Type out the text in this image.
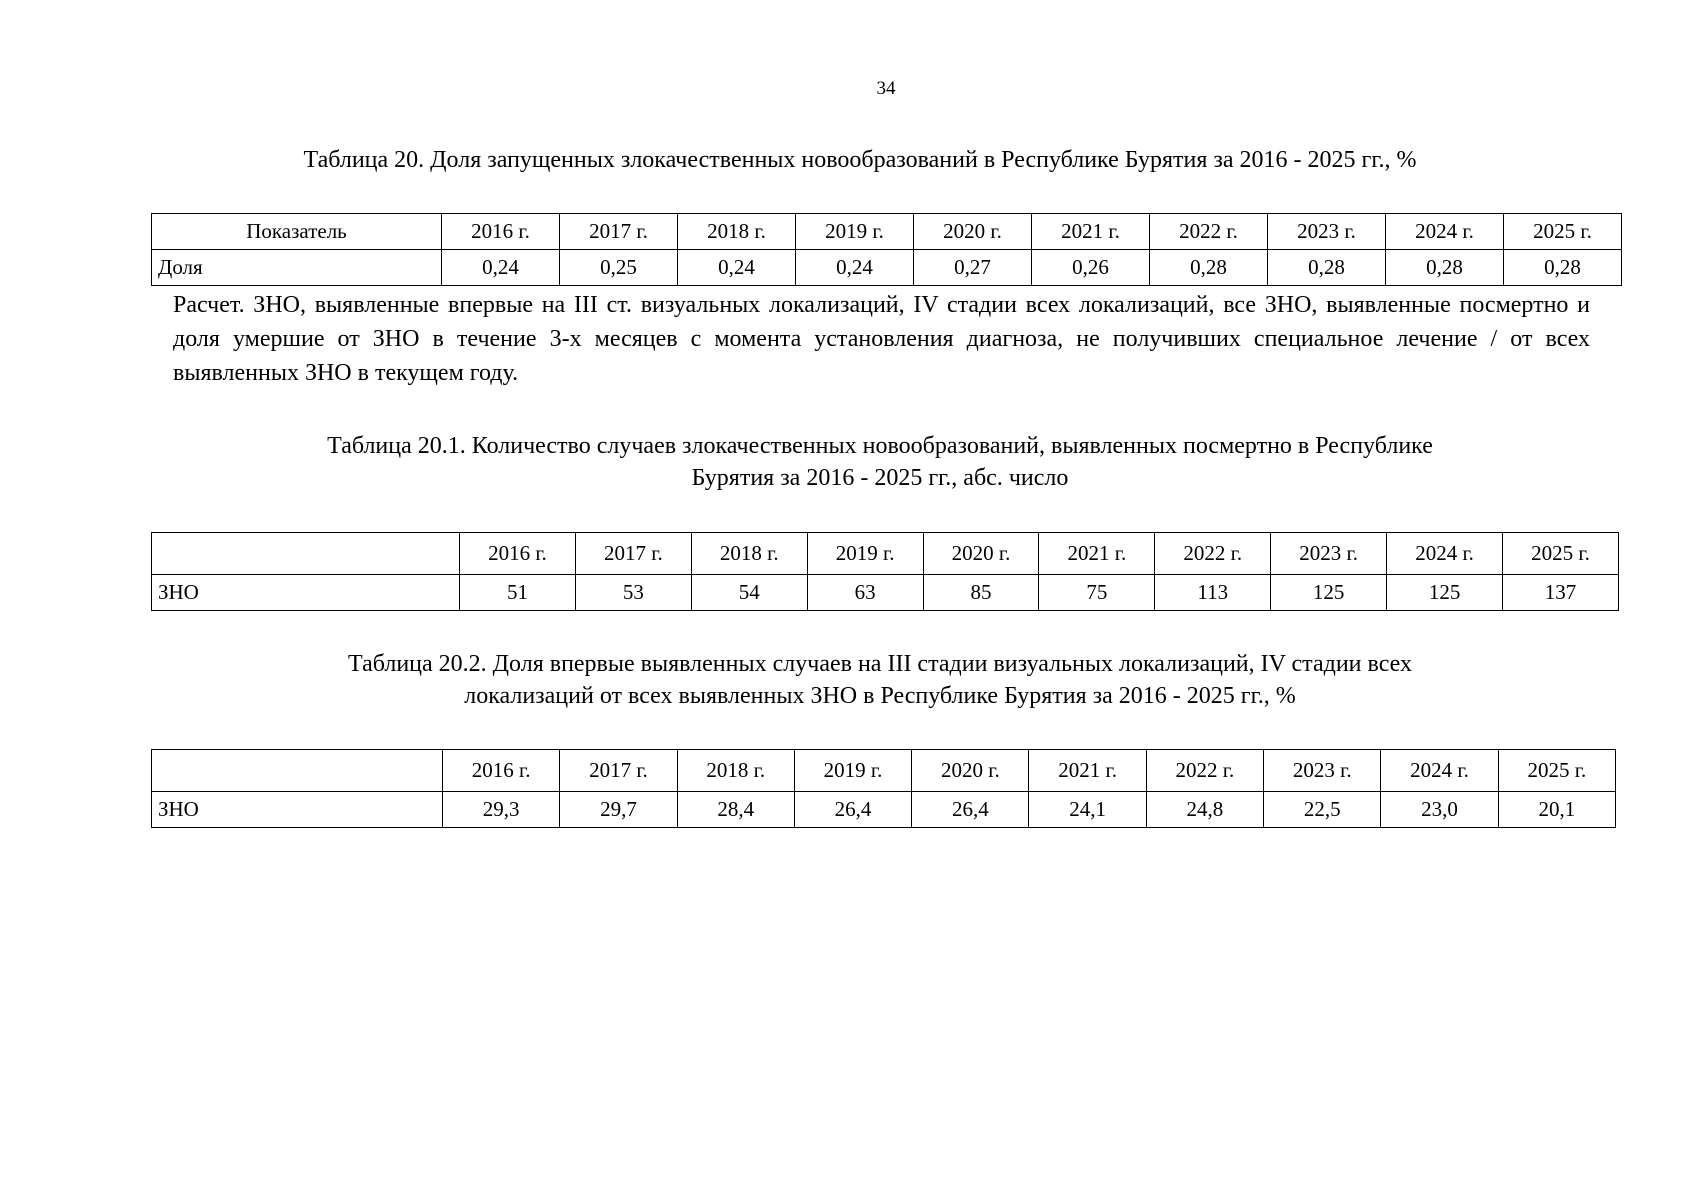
34
Таблица 20. Доля запущенных злокачественных новообразований в Республике Бурятия за 2016 - 2025 гг., %
Показатель	2016 г.	2017 г.	2018 г.	2019 г.	2020 г.	2021 г.	2022 г.	2023 г.	2024 г.	2025 г.
Доля	0,24	0,25	0,24	0,24	0,27	0,26	0,28	0,28	0,28	0,28
Расчет. ЗНО, выявленные впервые на III ст. визуальных локализаций, IV стадии всех локализаций, все ЗНО, выявленные посмертно и доля умершие от ЗНО в течение 3-х месяцев с момента установления диагноза, не получивших специальное лечение / от всех выявленных ЗНО в текущем году.
Таблица 20.1. Количество случаев злокачественных новообразований, выявленных посмертно в Республике
Бурятия за 2016 - 2025 гг., абс. число
	2016 г.	2017 г.	2018 г.	2019 г.	2020 г.	2021 г.	2022 г.	2023 г.	2024 г.	2025 г.
ЗНО	51	53	54	63	85	75	113	125	125	137
Таблица 20.2. Доля впервые выявленных случаев на III стадии визуальных локализаций, IV стадии всех
локализаций от всех выявленных ЗНО в Республике Бурятия за 2016 - 2025 гг., %
	2016 г.	2017 г.	2018 г.	2019 г.	2020 г.	2021 г.	2022 г.	2023 г.	2024 г.	2025 г.
ЗНО	29,3	29,7	28,4	26,4	26,4	24,1	24,8	22,5	23,0	20,1
